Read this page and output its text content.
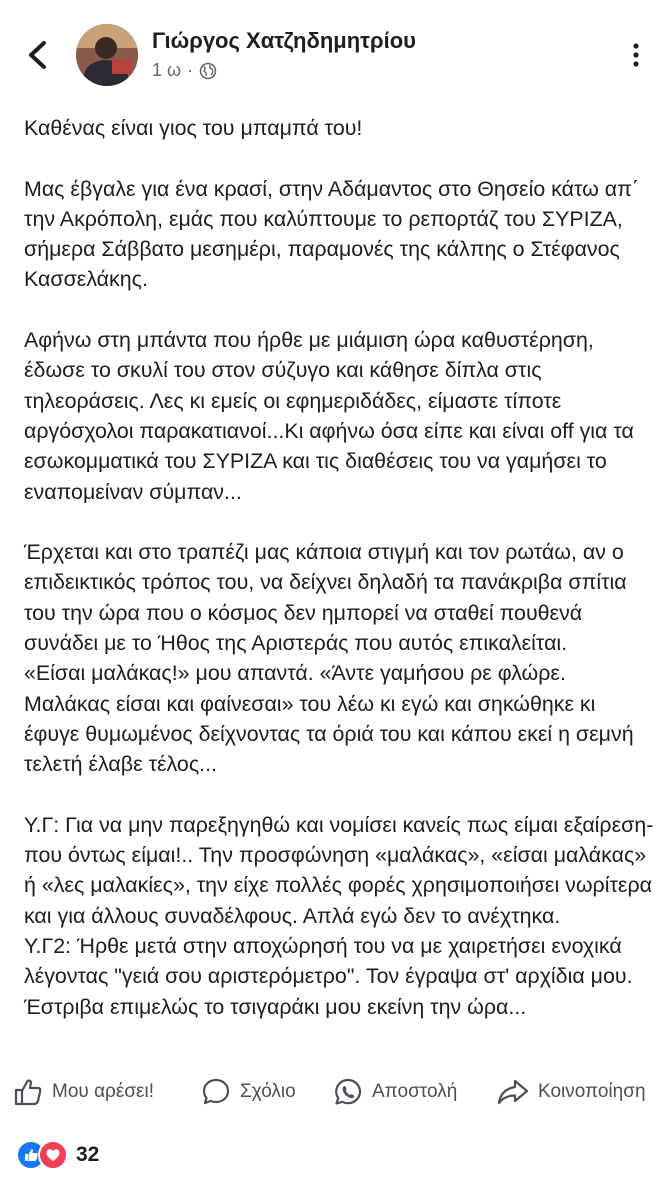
Γιώργος Χατζηδημητρίου
1 ω ·

Καθένας είναι γιος του μπαμπά του!

Μας έβγαλε για ένα κρασί, στην Αδάμαντος στο Θησείο κάτω απ΄ την Ακρόπολη, εμάς που καλύπτουμε το ρεπορτάζ του ΣΥΡΙΖΑ, σήμερα Σάββατο μεσημέρι, παραμονές της κάλπης ο Στέφανος Κασσελάκης.

Αφήνω στη μπάντα που ήρθε με μιάμιση ώρα καθυστέρηση, έδωσε το σκυλί του στον σύζυγο και κάθησε δίπλα στις τηλεοράσεις. Λες κι εμείς οι εφημεριδάδες, είμαστε τίποτε αργόσχολοι παρακατιανοί...Κι αφήνω όσα είπε και είναι off για τα εσωκομματικά του ΣΥΡΙΖΑ και τις διαθέσεις του να γαμήσει το εναπομείναν σύμπαν...

Έρχεται και στο τραπέζι μας κάποια στιγμή και τον ρωτάω, αν ο επιδεικτικός τρόπος του, να δείχνει δηλαδή τα πανάκριβα σπίτια του την ώρα που ο κόσμος δεν ημπορεί να σταθεί πουθενά συνάδει με το Ήθος της Αριστεράς που αυτός επικαλείται.
«Είσαι μαλάκας!» μου απαντά. «Άντε γαμήσου ρε φλώρε. Μαλάκας είσαι και φαίνεσαι» του λέω κι εγώ και σηκώθηκε κι έφυγε θυμωμένος δείχνοντας τα όριά του και κάπου εκεί η σεμνή τελετή έλαβε τέλος...

Υ.Γ: Για να μην παρεξηγηθώ και νομίσει κανείς πως είμαι εξαίρεση- που όντως είμαι!.. Την προσφώνηση «μαλάκας», «είσαι μαλάκας» ή «λες μαλακίες», την είχε πολλές φορές χρησιμοποιήσει νωρίτερα και για άλλους συναδέλφους. Απλά εγώ δεν το ανέχτηκα.
Υ.Γ2: Ήρθε μετά στην αποχώρησή του να με χαιρετήσει ενοχικά λέγοντας "γειά σου αριστερόμετρο". Τον έγραψα στ' αρχίδια μου. Έστριβα επιμελώς το τσιγαράκι μου εκείνη την ώρα...

Μου αρέσει!	Σχόλιο	Αποστολή	Κοινοποίηση
32
